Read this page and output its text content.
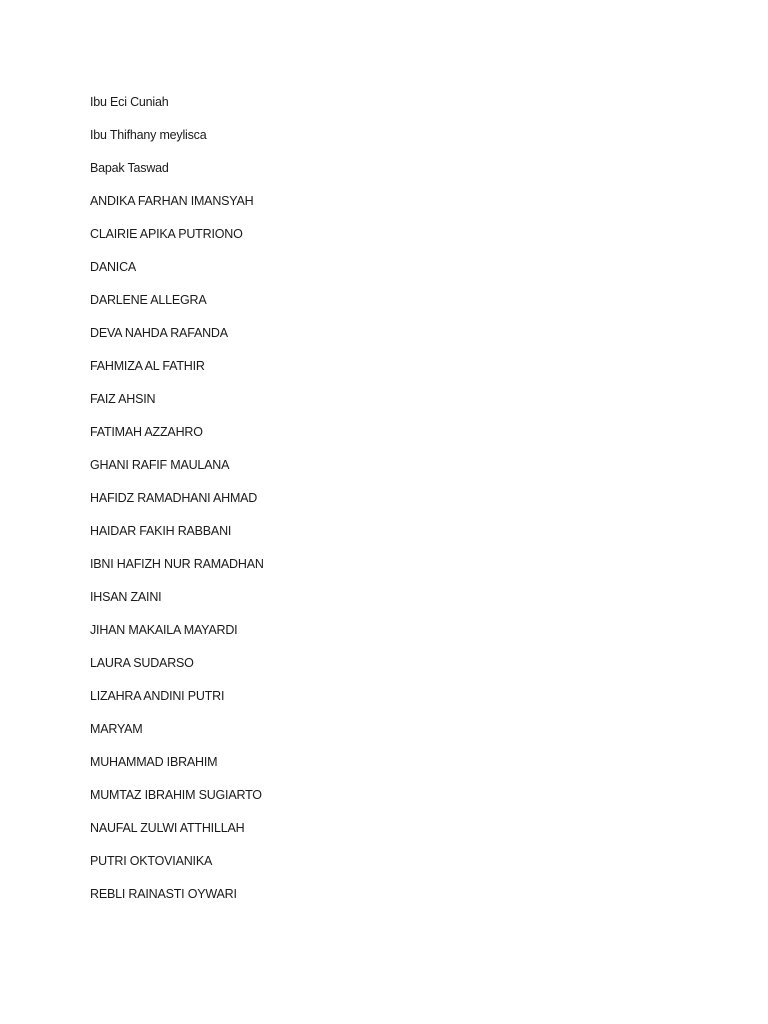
Ibu Eci Cuniah
Ibu Thifhany meylisca
Bapak Taswad
ANDIKA FARHAN IMANSYAH
CLAIRIE APIKA PUTRIONO
DANICA
DARLENE ALLEGRA
DEVA NAHDA RAFANDA
FAHMIZA AL FATHIR
FAIZ AHSIN
FATIMAH AZZAHRO
GHANI RAFIF MAULANA
HAFIDZ RAMADHANI AHMAD
HAIDAR FAKIH RABBANI
IBNI HAFIZH NUR RAMADHAN
IHSAN ZAINI
JIHAN MAKAILA MAYARDI
LAURA SUDARSO
LIZAHRA ANDINI PUTRI
MARYAM
MUHAMMAD IBRAHIM
MUMTAZ IBRAHIM SUGIARTO
NAUFAL ZULWI ATTHILLAH
PUTRI OKTOVIANIKA
REBLI RAINASTI OYWARI
